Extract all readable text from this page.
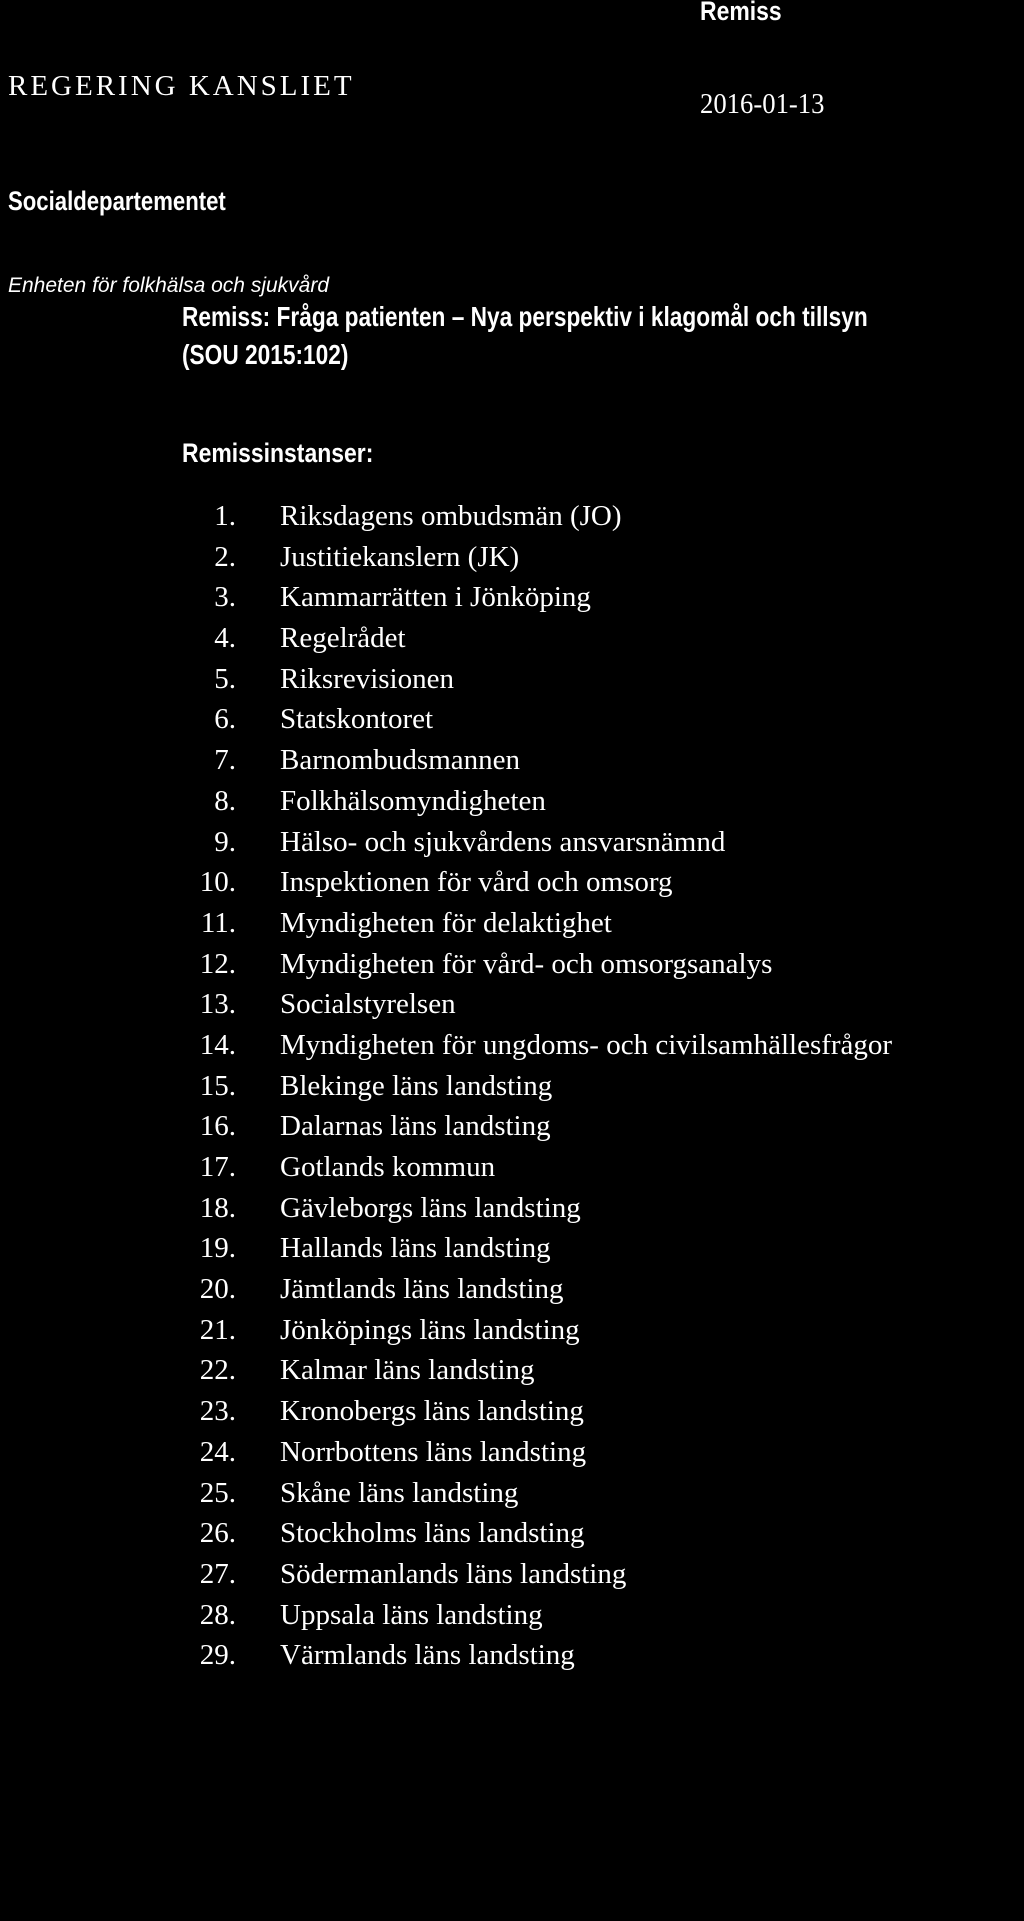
Remiss
REGERING KANSLIET
2016-01-13
Socialdepartementet
Enheten för folkhälsa och sjukvård
Remiss: Fråga patienten – Nya perspektiv i klagomål och tillsyn
(SOU 2015:102)
Remissinstanser:
1. Riksdagens ombudsmän (JO)
2. Justitiekanslern (JK)
3. Kammarrätten i Jönköping
4. Regelrådet
5. Riksrevisionen
6. Statskontoret
7. Barnombudsmannen
8. Folkhälsomyndigheten
9. Hälso- och sjukvårdens ansvarsnämnd
10. Inspektionen för vård och omsorg
11. Myndigheten för delaktighet
12. Myndigheten för vård- och omsorgsanalys
13. Socialstyrelsen
14. Myndigheten för ungdoms- och civilsamhällesfrågor
15. Blekinge läns landsting
16. Dalarnas läns landsting
17. Gotlands kommun
18. Gävleborgs läns landsting
19. Hallands läns landsting
20. Jämtlands läns landsting
21. Jönköpings läns landsting
22. Kalmar läns landsting
23. Kronobergs läns landsting
24. Norrbottens läns landsting
25. Skåne läns landsting
26. Stockholms läns landsting
27. Södermanlands läns landsting
28. Uppsala läns landsting
29. Värmlands läns landsting
